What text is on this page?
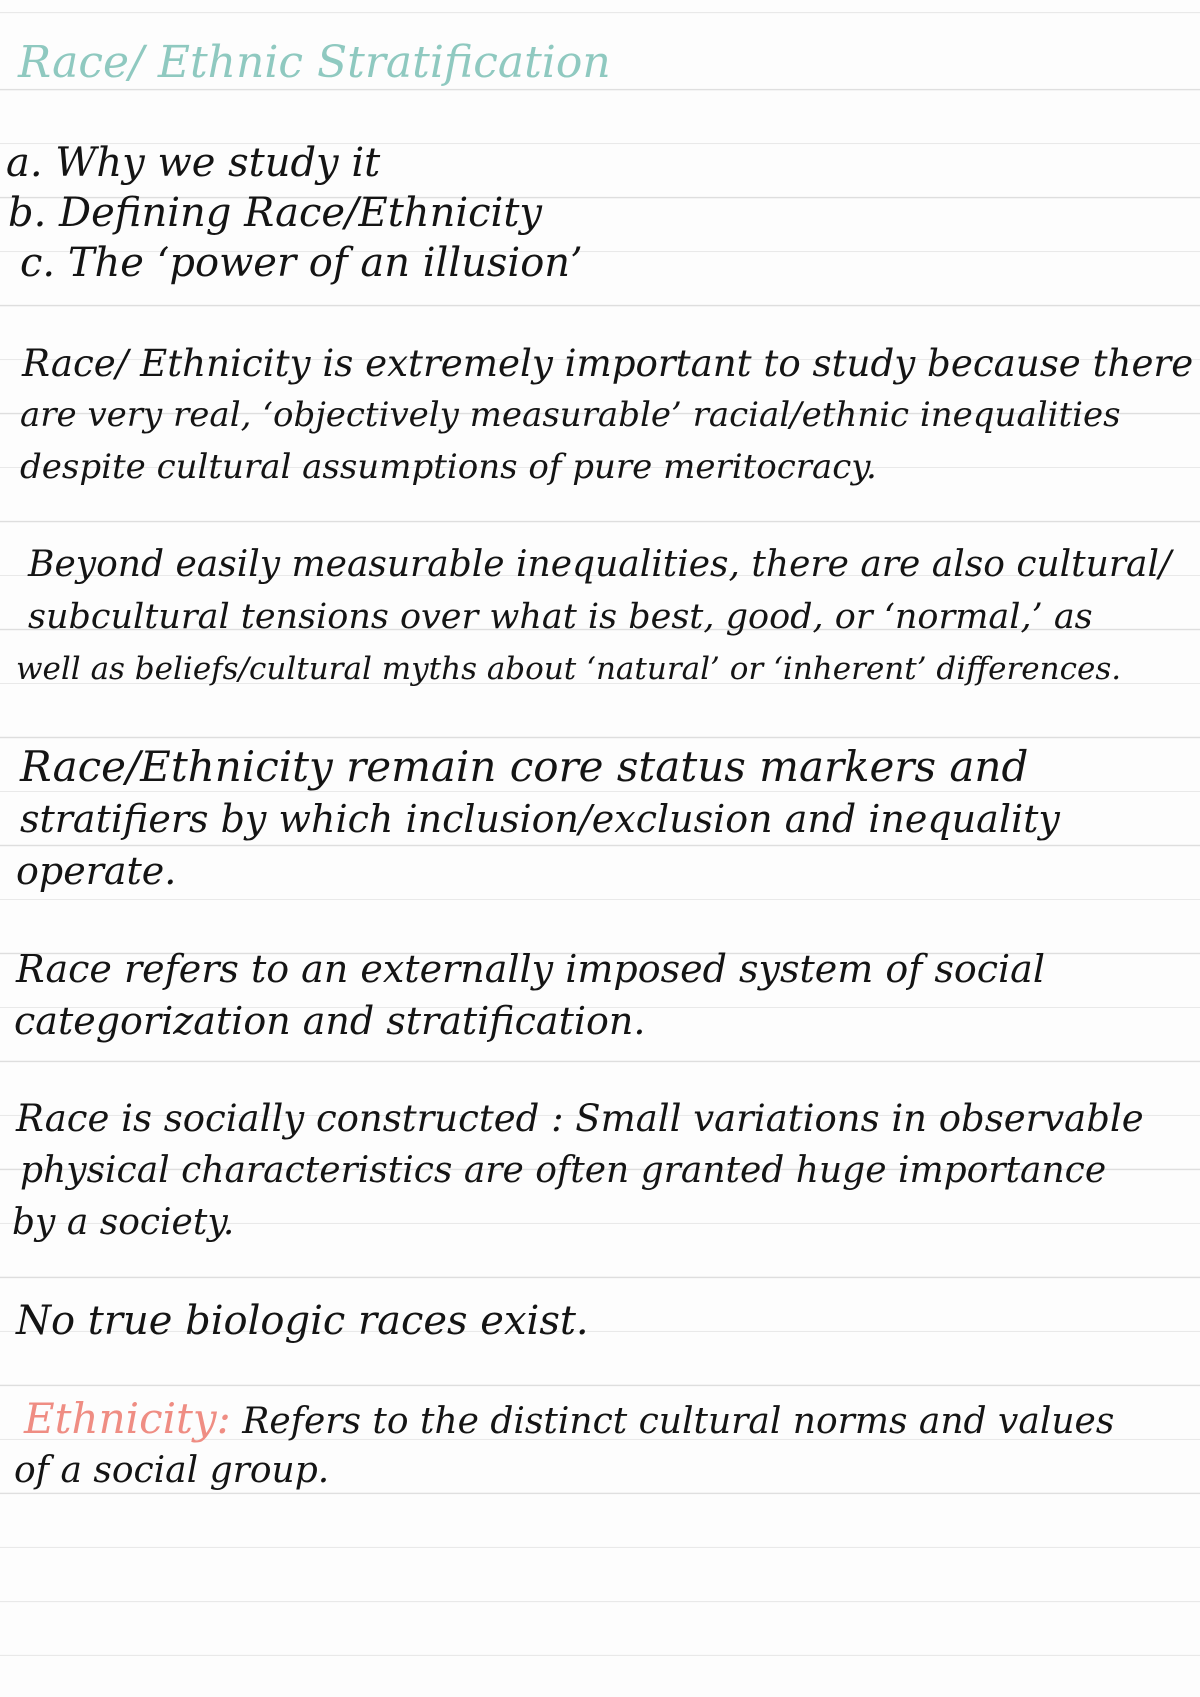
Race/ Ethnic Stratification
a. Why we study it
b. Defining Race/Ethnicity
c. The ‘power of an illusion’
Race/ Ethnicity is extremely important to study because there
are very real, ‘objectively measurable’ racial/ethnic inequalities
despite cultural assumptions of pure meritocracy.
Beyond easily measurable inequalities, there are also cultural/
subcultural tensions over what is best, good, or ‘normal,’ as
well as beliefs/cultural myths about ‘natural’ or ‘inherent’ differences.
Race/Ethnicity remain core status markers and
stratifiers by which inclusion/exclusion and inequality
operate.
Race refers to an externally imposed system of social
categorization and stratification.
Race is socially constructed : Small variations in observable
physical characteristics are often granted huge importance
by a society.
No true biologic races exist.
Ethnicity: Refers to the distinct cultural norms and values
of a social group.
